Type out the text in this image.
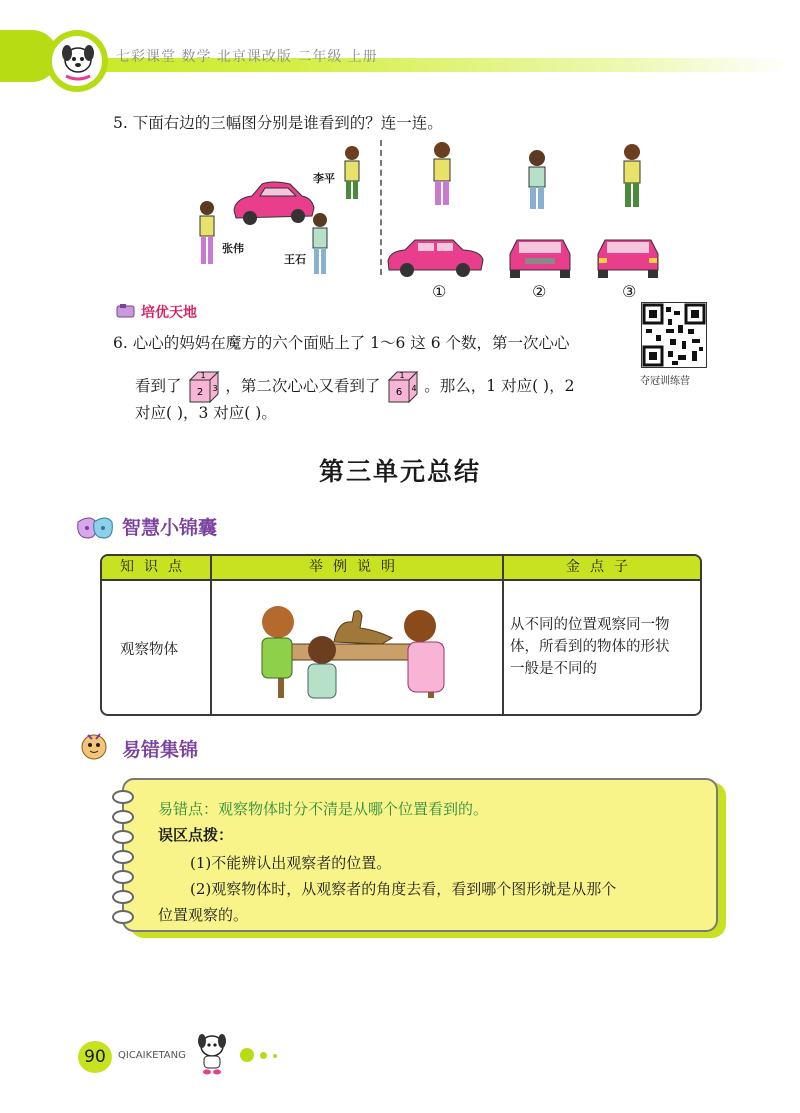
七彩课堂 数学 北京课改版 二年级 上册
5. 下面右边的三幅图分别是谁看到的？连一连。
李平
张伟
王石
①	②	③
培优天地
夺冠训练营
6. 心心的妈妈在魔方的六个面贴上了 1～6 这 6 个数，第一次心心
看到了
1
2 3 ，第二次心心又看到了
1
6 4 。那么，1 对应( )，2
对应( )，3 对应( )。
第三单元总结
智慧小锦囊
知识点	举例说明	金点子
观察物体
从不同的位置观察同一物
体，所看到的物体的形状
一般是不同的
易错集锦
易错点：观察物体时分不清是从哪个位置看到的。
误区点拨：
(1)不能辨认出观察者的位置。
(2)观察物体时，从观察者的角度去看，看到哪个图形就是从那个
位置观察的。
90	QICAIKETANG
